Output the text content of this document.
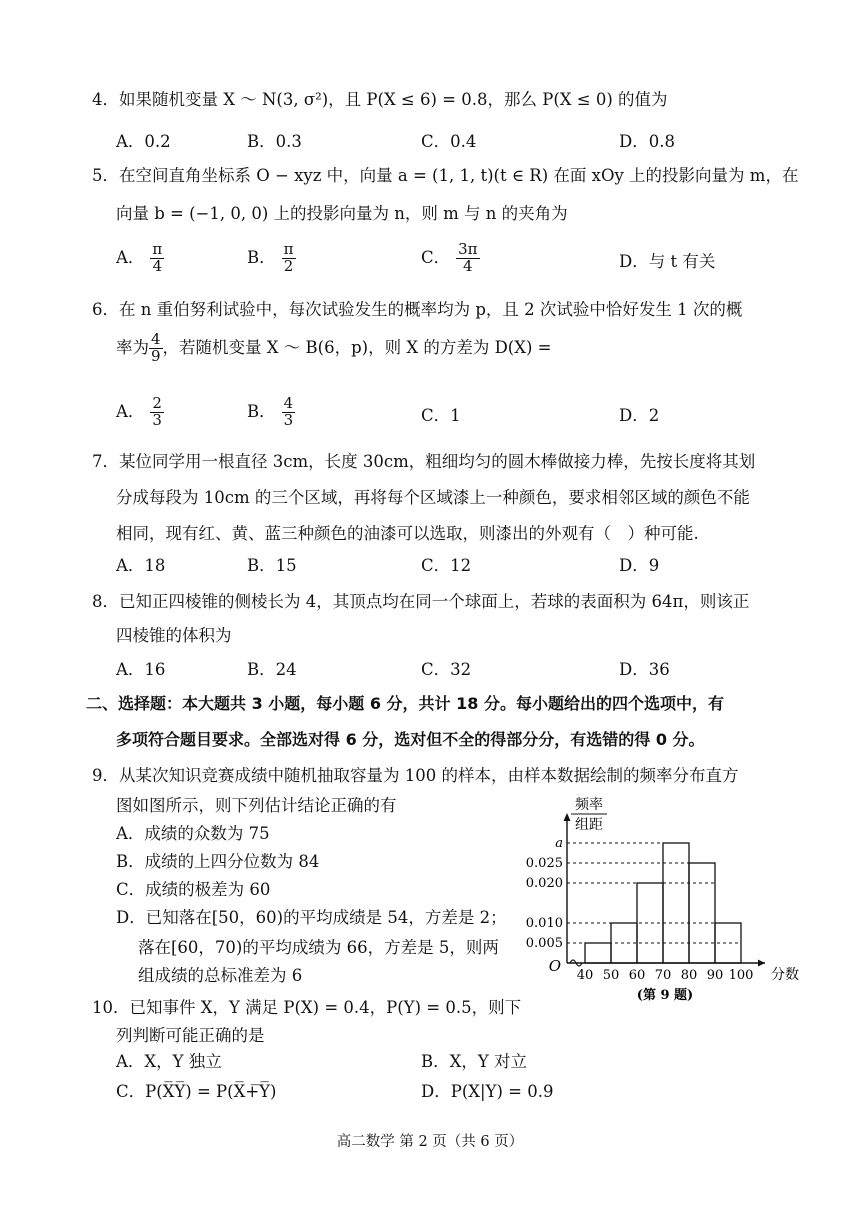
4．如果随机变量 X ～ N(3, σ²)，且 P(X ≤ 6) = 0.8，那么 P(X ≤ 0) 的值为
A．0.2	B．0.3	C．0.4	D．0.8
5．在空间直角坐标系 O − xyz 中，向量 a = (1, 1, t)(t ∈ R) 在面 xOy 上的投影向量为 m，在
向量 b = (−1, 0, 0) 上的投影向量为 n，则 m 与 n 的夹角为
A． $\frac{\pi}{4}$	B． $\frac{\pi}{2}$	C． $\frac{3\pi}{4}$	D．与 t 有关
6．在 n 重伯努利试验中，每次试验发生的概率均为 p，且 2 次试验中恰好发生 1 次的概
率为 $\frac{4}{9}$ ，若随机变量 X ～ B(6，p)，则 X 的方差为 D(X) =
A． $\frac{2}{3}$	B． $\frac{4}{3}$	C．1	D．2
7．某位同学用一根直径 3cm，长度 30cm，粗细均匀的圆木棒做接力棒，先按长度将其划
分成每段为 10cm 的三个区域，再将每个区域漆上一种颜色，要求相邻区域的颜色不能
相同，现有红、黄、蓝三种颜色的油漆可以选取，则漆出的外观有（　）种可能.
A．18	B．15	C．12	D．9
8．已知正四棱锥的侧棱长为 4，其顶点均在同一个球面上，若球的表面积为 64π，则该正
四棱锥的体积为
A．16	B．24	C．32	D．36
二、选择题：本大题共 3 小题，每小题 6 分，共计 18 分。每小题给出的四个选项中，有
多项符合题目要求。全部选对得 6 分，选对但不全的得部分分，有选错的得 0 分。
9．从某次知识竞赛成绩中随机抽取容量为 100 的样本，由样本数据绘制的频率分布直方
图如图所示，则下列估计结论正确的有
A．成绩的众数为 75
B．成绩的上四分位数为 84
C．成绩的极差为 60
D．已知落在[50，60)的平均成绩是 54，方差是 2；
落在[60，70)的平均成绩为 66，方差是 5，则两
组成绩的总标准差为 6
0.005
0.010
0.020
0.025
a
40 50 60 70 80 90 100
O	分数
频率
组距
(第 9 题)
10．已知事件 X，Y 满足 P(X) = 0.4，P(Y) = 0.5，则下
列判断可能正确的是
A．X，Y 独立	B．X，Y 对立
C．P(X̅Y̅) = P(X̅+̅Y̅)	D．P(X|Y) = 0.9
高二数学 第 2 页（共 6 页）
